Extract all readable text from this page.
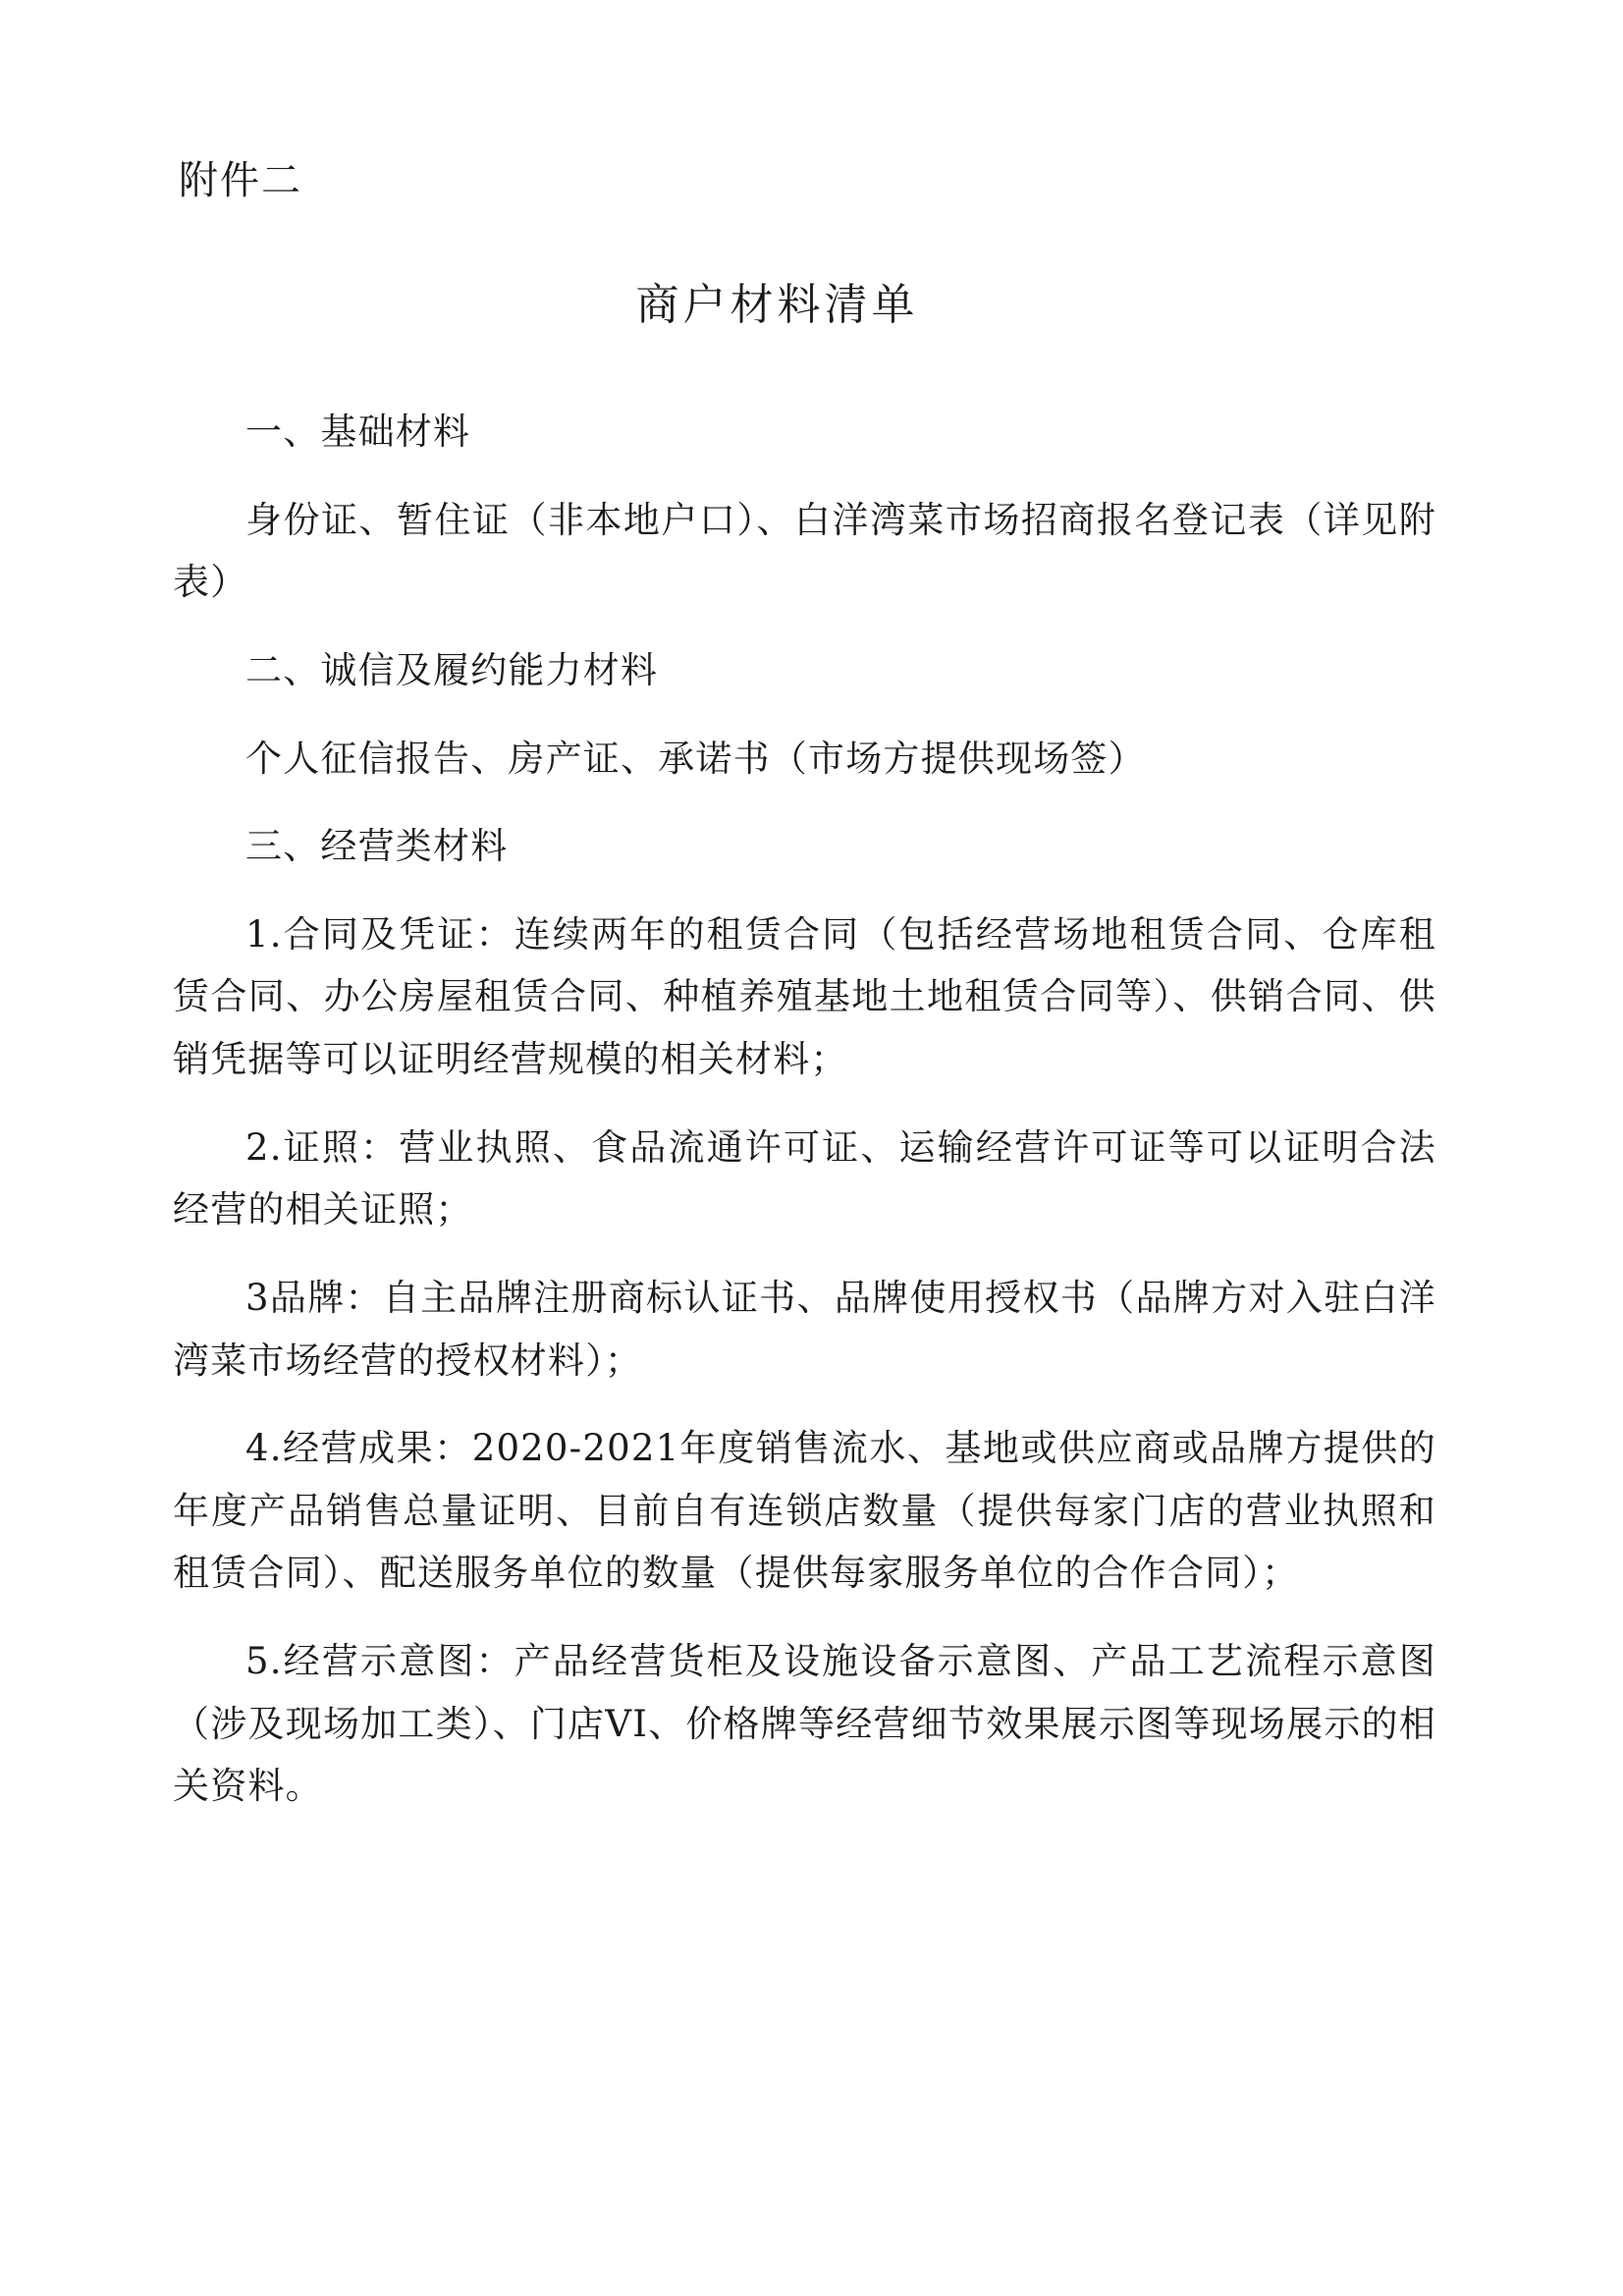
附件二
商户材料清单

一、基础材料

身份证、暂住证（非本地户口）、白洋湾菜市场招商报名登记表（详见附表）

二、诚信及履约能力材料

个人征信报告、房产证、承诺书（市场方提供现场签）

三、经营类材料

1.合同及凭证：连续两年的租赁合同（包括经营场地租赁合同、仓库租赁合同、办公房屋租赁合同、种植养殖基地土地租赁合同等）、供销合同、供销凭据等可以证明经营规模的相关材料；

2.证照：营业执照、食品流通许可证、运输经营许可证等可以证明合法经营的相关证照；

3品牌：自主品牌注册商标认证书、品牌使用授权书（品牌方对入驻白洋湾菜市场经营的授权材料）；

4.经营成果：2020-2021年度销售流水、基地或供应商或品牌方提供的年度产品销售总量证明、目前自有连锁店数量（提供每家门店的营业执照和租赁合同）、配送服务单位的数量（提供每家服务单位的合作合同）；

5.经营示意图：产品经营货柜及设施设备示意图、产品工艺流程示意图（涉及现场加工类）、门店VI、价格牌等经营细节效果展示图等现场展示的相关资料。
